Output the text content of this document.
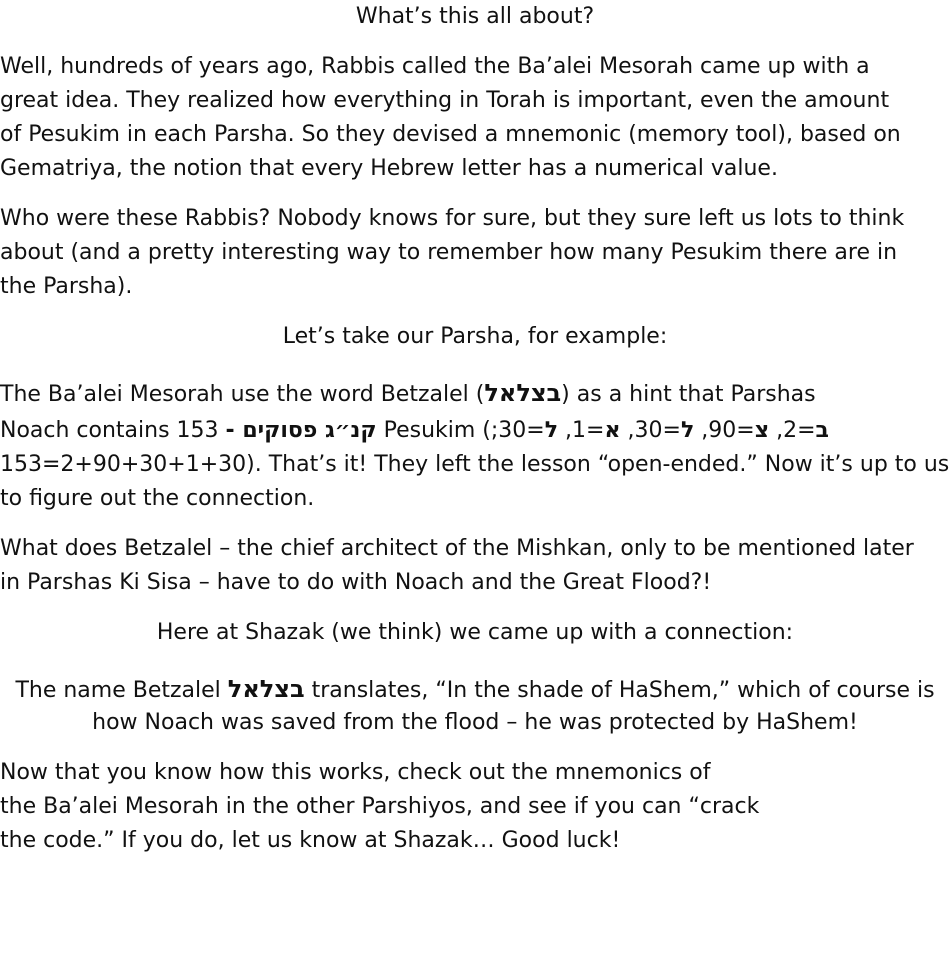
What’s this all about?
Well, hundreds of years ago, Rabbis called the Ba’alei Mesorah came up with a
great idea. They realized how everything in Torah is important, even the amount
of Pesukim in each Parsha. So they devised a mnemonic (memory tool), based on
Gematriya, the notion that every Hebrew letter has a numerical value.
Who were these Rabbis? Nobody knows for sure, but they sure left us lots to think
about (and a pretty interesting way to remember how many Pesukim there are in
the Parsha).
Let’s take our Parsha, for example:
The Ba’alei Mesorah use the word Betzalel (בצלאל) as a hint that Parshas
Noach contains 153 - קנ״ג פסוקים Pesukim (	ב=2, צ=90, ל=30, א=1, ל=30;
153=2+90+30+1+30). That’s it! They left the lesson “open-ended.” Now it’s up to us
to figure out the connection.
What does Betzalel – the chief architect of the Mishkan, only to be mentioned later
in Parshas Ki Sisa – have to do with Noach and the Great Flood?!
Here at Shazak (we think) we came up with a connection:
The name Betzalel בצלאל translates, “In the shade of HaShem,” which of course is
how Noach was saved from the flood – he was protected by HaShem!
Now that you know how this works, check out the mnemonics of
the Ba’alei Mesorah in the other Parshiyos, and see if you can “crack
the code.” If you do, let us know at Shazak… Good luck!
